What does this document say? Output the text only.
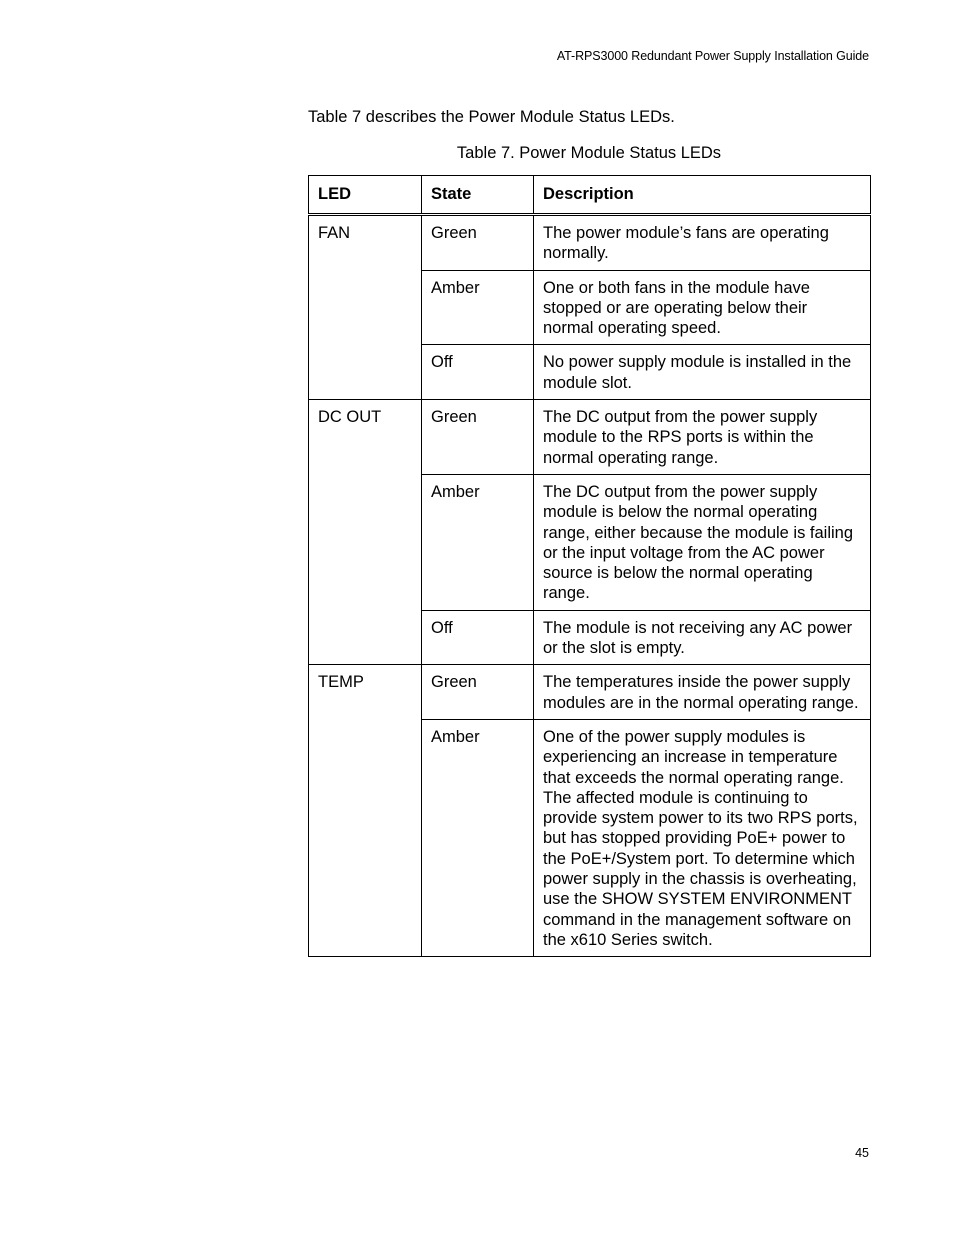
AT-RPS3000 Redundant Power Supply Installation Guide
Table 7 describes the Power Module Status LEDs.
Table 7. Power Module Status LEDs
LED	State	Description
FAN	Green	The power module’s fans are operating normally.
	Amber	One or both fans in the module have stopped or are operating below their normal operating speed.
	Off	No power supply module is installed in the module slot.
DC OUT	Green	The DC output from the power supply module to the RPS ports is within the normal operating range.
	Amber	The DC output from the power supply module is below the normal operating range, either because the module is failing or the input voltage from the AC power source is below the normal operating range.
	Off	The module is not receiving any AC power or the slot is empty.
TEMP	Green	The temperatures inside the power supply modules are in the normal operating range.
	Amber	One of the power supply modules is experiencing an increase in temperature that exceeds the normal operating range. The affected module is continuing to provide system power to its two RPS ports, but has stopped providing PoE+ power to the PoE+/System port. To determine which power supply in the chassis is overheating, use the SHOW SYSTEM ENVIRONMENT command in the management software on the x610 Series switch.
45
